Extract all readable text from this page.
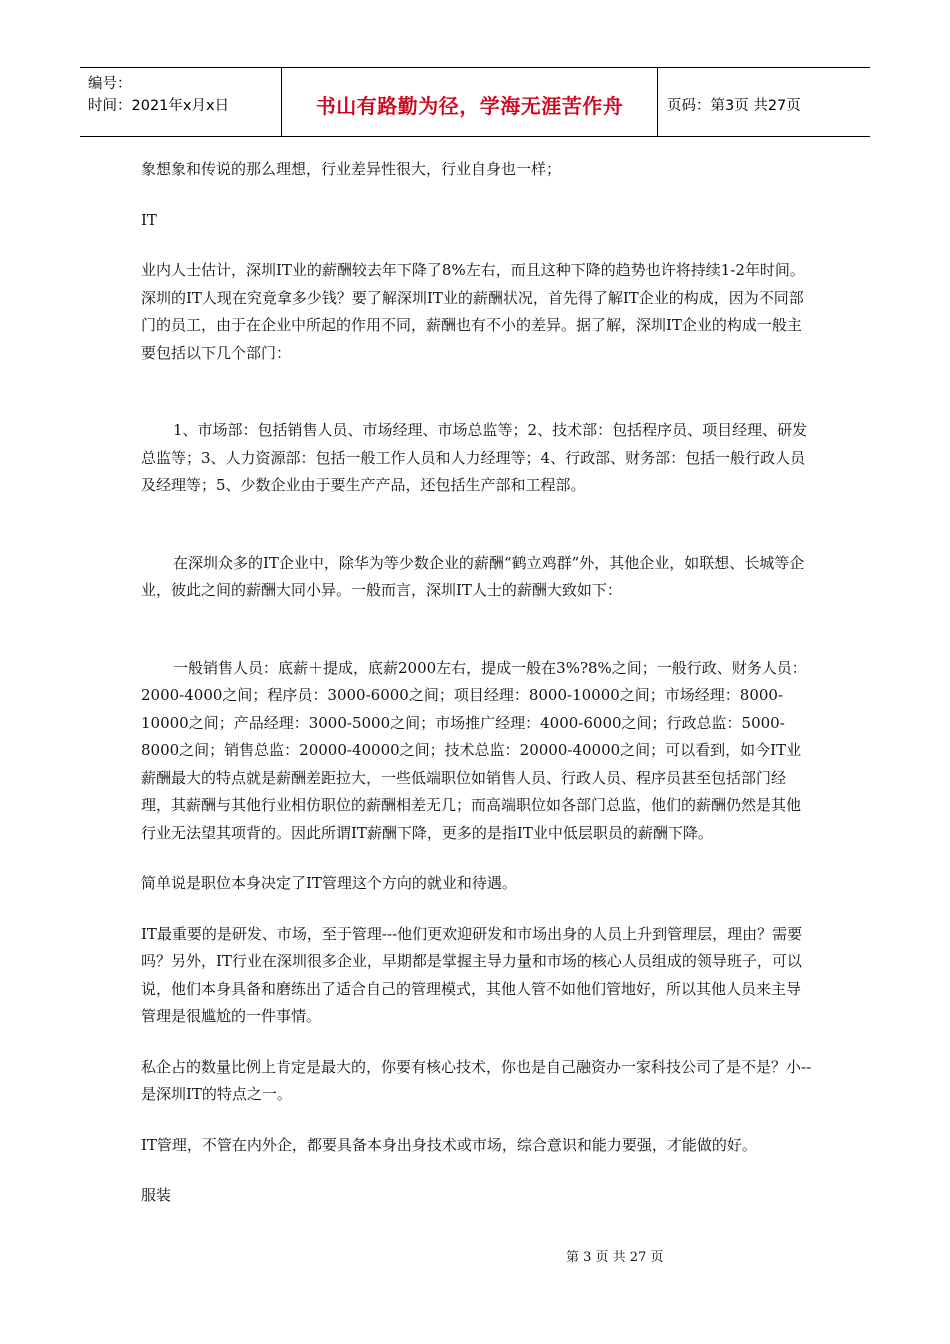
编号：
时间：2021年x月x日	书山有路勤为径，学海无涯苦作舟	页码：第3页 共27页

象想象和传说的那么理想，行业差异性很大，行业自身也一样；

IT

业内人士估计，深圳IT业的薪酬较去年下降了8%左右，而且这种下降的趋势也许将持续1-2年时间。深圳的IT人现在究竟拿多少钱？要了解深圳IT业的薪酬状况，首先得了解IT企业的构成，因为不同部门的员工，由于在企业中所起的作用不同，薪酬也有不小的差异。据了解，深圳IT企业的构成一般主要包括以下几个部门：

1、市场部：包括销售人员、市场经理、市场总监等；2、技术部：包括程序员、项目经理、研发总监等；3、人力资源部：包括一般工作人员和人力经理等；4、行政部、财务部：包括一般行政人员及经理等；5、少数企业由于要生产产品，还包括生产部和工程部。

在深圳众多的IT企业中，除华为等少数企业的薪酬“鹤立鸡群”外，其他企业，如联想、长城等企业，彼此之间的薪酬大同小异。一般而言，深圳IT人士的薪酬大致如下：

一般销售人员：底薪＋提成，底薪2000左右，提成一般在3%?8%之间；一般行政、财务人员：2000-4000之间；程序员：3000-6000之间；项目经理：8000-10000之间；市场经理：8000-10000之间；产品经理：3000-5000之间；市场推广经理：4000-6000之间；行政总监：5000-8000之间；销售总监：20000-40000之间；技术总监：20000-40000之间；可以看到，如今IT业薪酬最大的特点就是薪酬差距拉大，一些低端职位如销售人员、行政人员、程序员甚至包括部门经理，其薪酬与其他行业相仿职位的薪酬相差无几；而高端职位如各部门总监，他们的薪酬仍然是其他行业无法望其项背的。因此所谓IT薪酬下降，更多的是指IT业中低层职员的薪酬下降。

简单说是职位本身决定了IT管理这个方向的就业和待遇。

IT最重要的是研发、市场，至于管理---他们更欢迎研发和市场出身的人员上升到管理层，理由？需要吗？另外，IT行业在深圳很多企业，早期都是掌握主导力量和市场的核心人员组成的领导班子，可以说，他们本身具备和磨练出了适合自己的管理模式，其他人管不如他们管地好，所以其他人员来主导管理是很尴尬的一件事情。

私企占的数量比例上肯定是最大的，你要有核心技术，你也是自己融资办一家科技公司了是不是？小--是深圳IT的特点之一。

IT管理，不管在内外企，都要具备本身出身技术或市场，综合意识和能力要强，才能做的好。

服装

第 3 页 共 27 页
